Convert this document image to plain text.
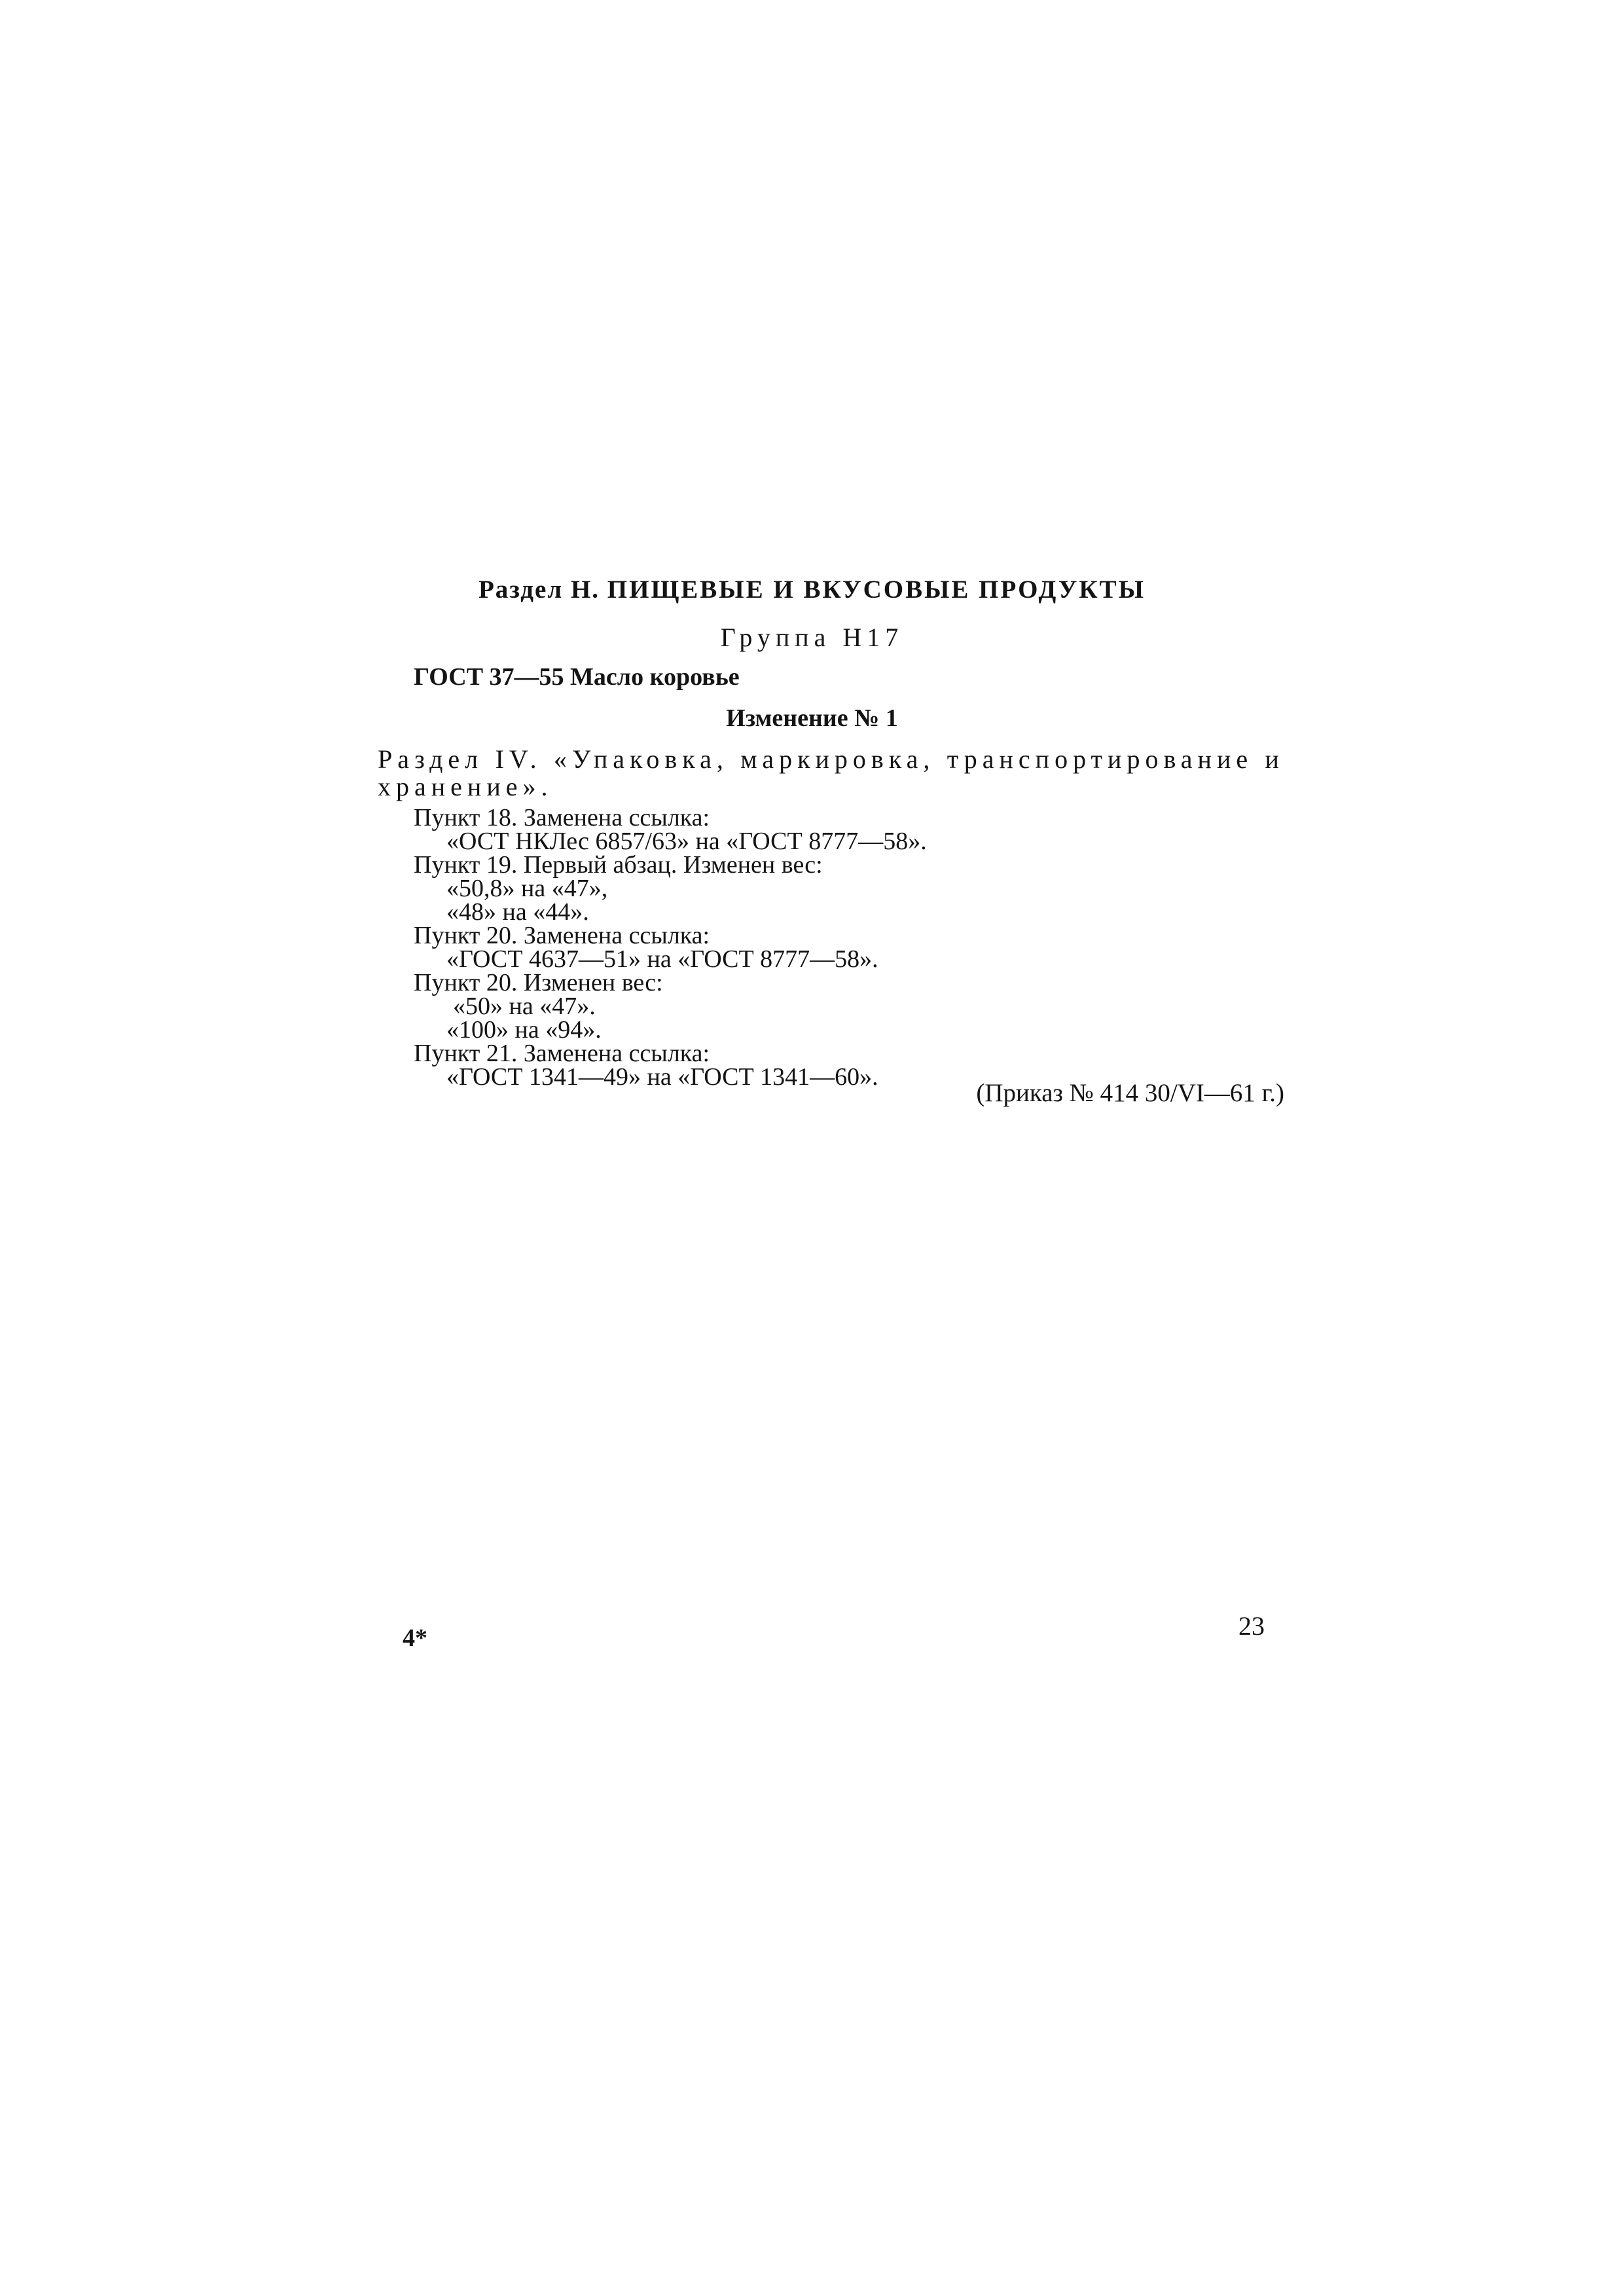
Раздел Н. ПИЩЕВЫЕ И ВКУСОВЫЕ ПРОДУКТЫ
Группа Н17
ГОСТ 37—55 Масло коровье
Изменение № 1
Раздел IV. «Упаковка, маркировка, транспортирование и
хранение».
Пункт 18. Заменена ссылка:
«ОСТ НКЛес 6857/63» на «ГОСТ 8777—58».
Пункт 19. Первый абзац. Изменен вес:
«50,8» на «47»,
«48» на «44».
Пункт 20. Заменена ссылка:
«ГОСТ 4637—51» на «ГОСТ 8777—58».
Пункт 20. Изменен вес:
«50» на «47».
«100» на «94».
Пункт 21. Заменена ссылка:
«ГОСТ 1341—49» на «ГОСТ 1341—60».
(Приказ № 414 30/VI—61 г.)
4*	23
